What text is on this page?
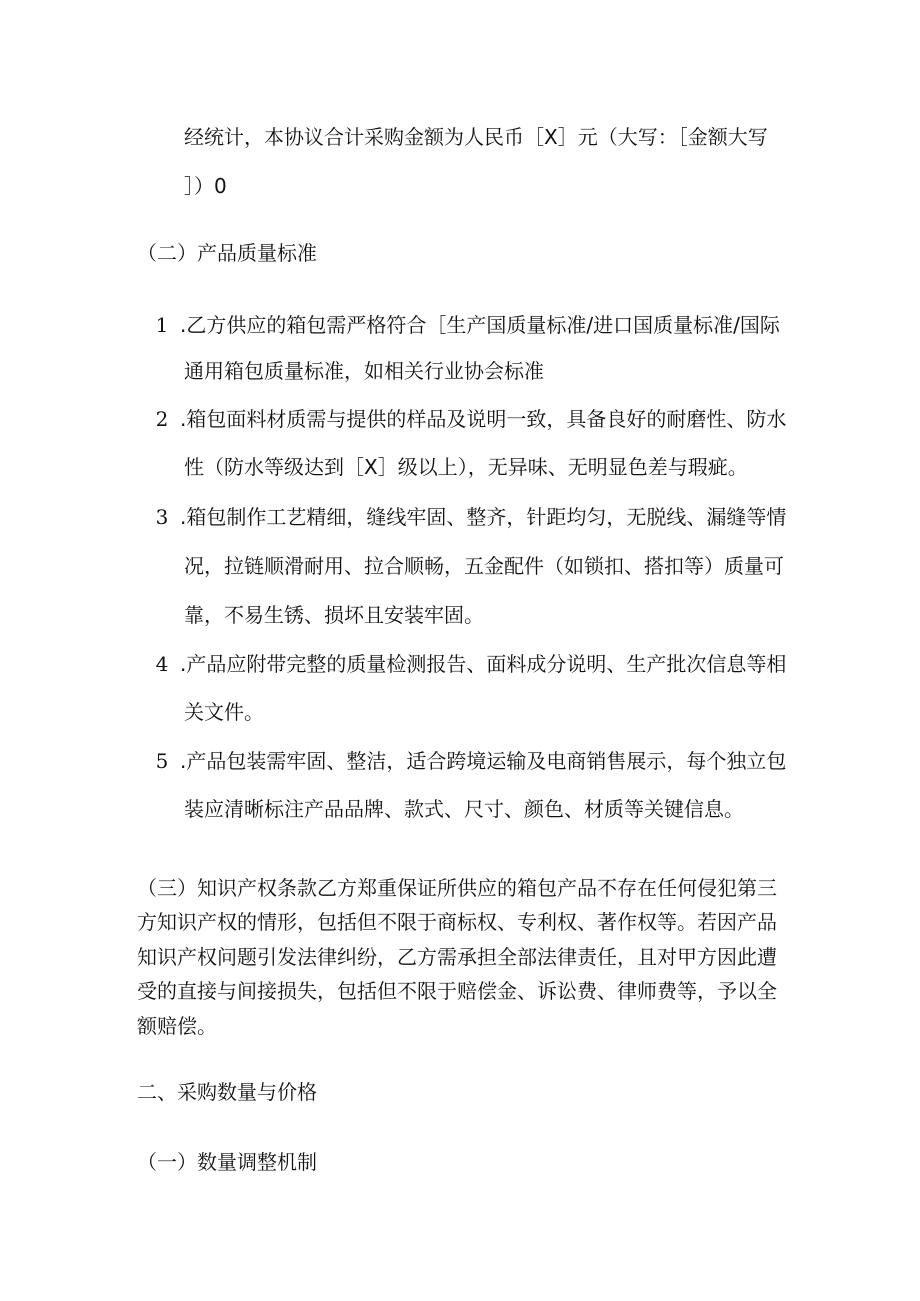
经统计，本协议合计采购金额为人民币［X］元（大写：［金额大写
］）0
（二）产品质量标准
1 .乙方供应的箱包需严格符合［生产国质量标准/进口国质量标准/国际
通用箱包质量标准，如相关行业协会标准
2 .箱包面料材质需与提供的样品及说明一致，具备良好的耐磨性、防水
性（防水等级达到［X］级以上），无异味、无明显色差与瑕疵。
3 .箱包制作工艺精细，缝线牢固、整齐，针距均匀，无脱线、漏缝等情
况，拉链顺滑耐用、拉合顺畅，五金配件（如锁扣、搭扣等）质量可
靠，不易生锈、损坏且安装牢固。
4 .产品应附带完整的质量检测报告、面料成分说明、生产批次信息等相
关文件。
5 .产品包装需牢固、整洁，适合跨境运输及电商销售展示，每个独立包
装应清晰标注产品品牌、款式、尺寸、颜色、材质等关键信息。
（三）知识产权条款乙方郑重保证所供应的箱包产品不存在任何侵犯第三
方知识产权的情形，包括但不限于商标权、专利权、著作权等。若因产品
知识产权问题引发法律纠纷，乙方需承担全部法律责任，且对甲方因此遭
受的直接与间接损失，包括但不限于赔偿金、诉讼费、律师费等，予以全
额赔偿。
二、采购数量与价格
（一）数量调整机制
